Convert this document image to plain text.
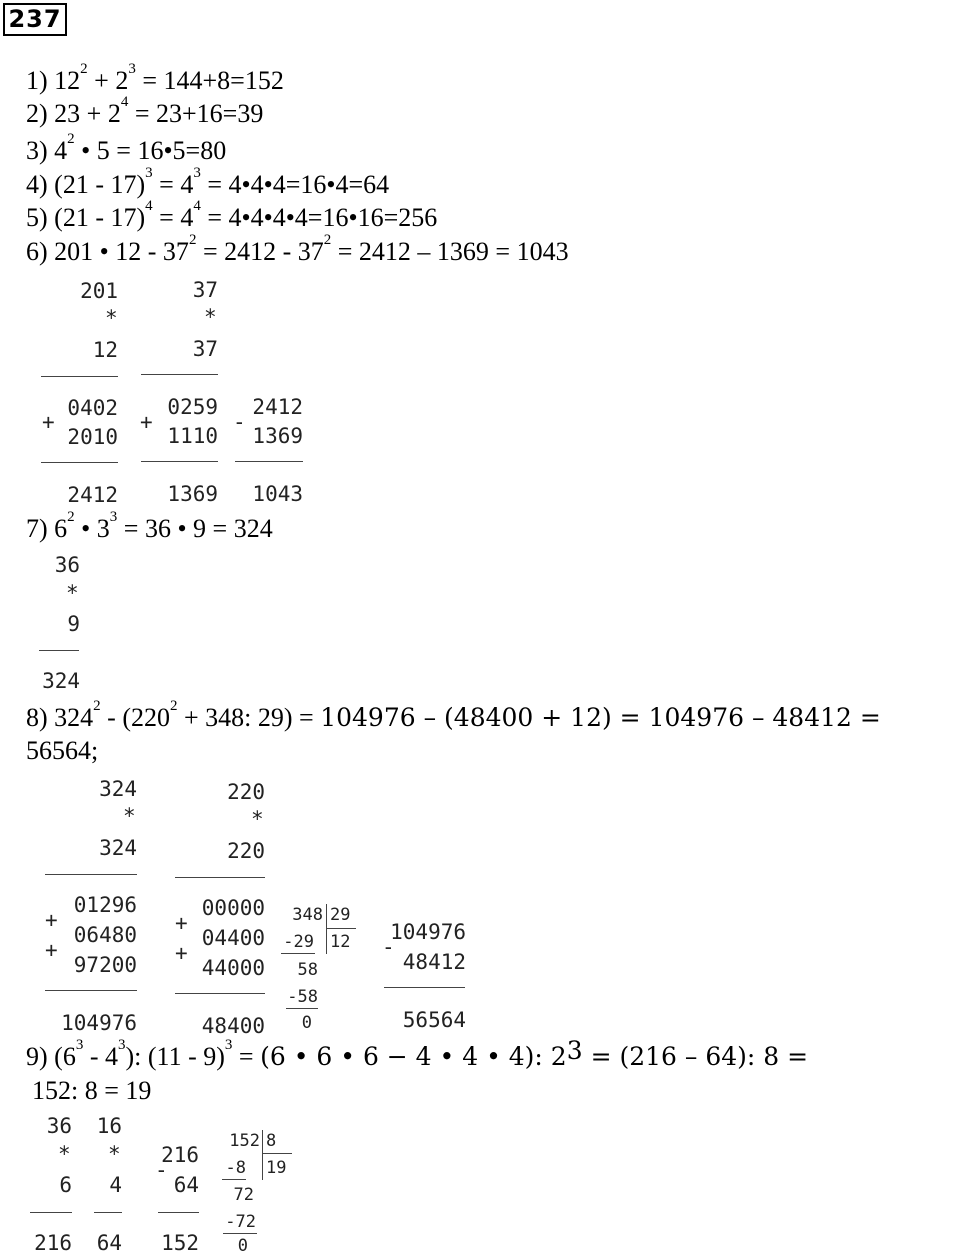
237
1) $12^2 + 2^3 = 144+8=152$
2) $23 + 2^4 = 23+16=39$
3) $4^2$ • 5 = 16•5=80
4) $(21 - 17)^3 = 4^3$ = 4•4•4=16•4=64
5) $(21 - 17)^4 = 4^4$ = 4•4•4•4=16•16=256
6) 201 • $12 - 37^2 = 2412 - 37^2 = 2412 - 1369 = 1043$
201
*
12
+
0402
2010
2412
37
*
37
+
0259
1110
1369
-
2412
1369
1043
7) $6^2$ • $3^3 = 36$ • 9 = 324
36
*
9
324
8) $324^2 - (220^2 + 348$: 29) = 104976 – (48400 + 12) = 104976 – 48412 =
56564;
324
*
324
+
+
01296
06480
97200
104976
220
*
220
+
+
00000
04400
44000
48400
348 29
12
-29
58
-58
0
-
104976
48412
56564
9) $(6^3 - 4^3)$: (11 - 9)$^3$ = (6 • 6 • 6 − 4 • 4 • 4): $2^3 = (216 - 64)$: 8 =
152: 8 = 19
36
*
6
216
16
*
4
64
-
216
64
152
152 8
19
-8
72
-72
0
